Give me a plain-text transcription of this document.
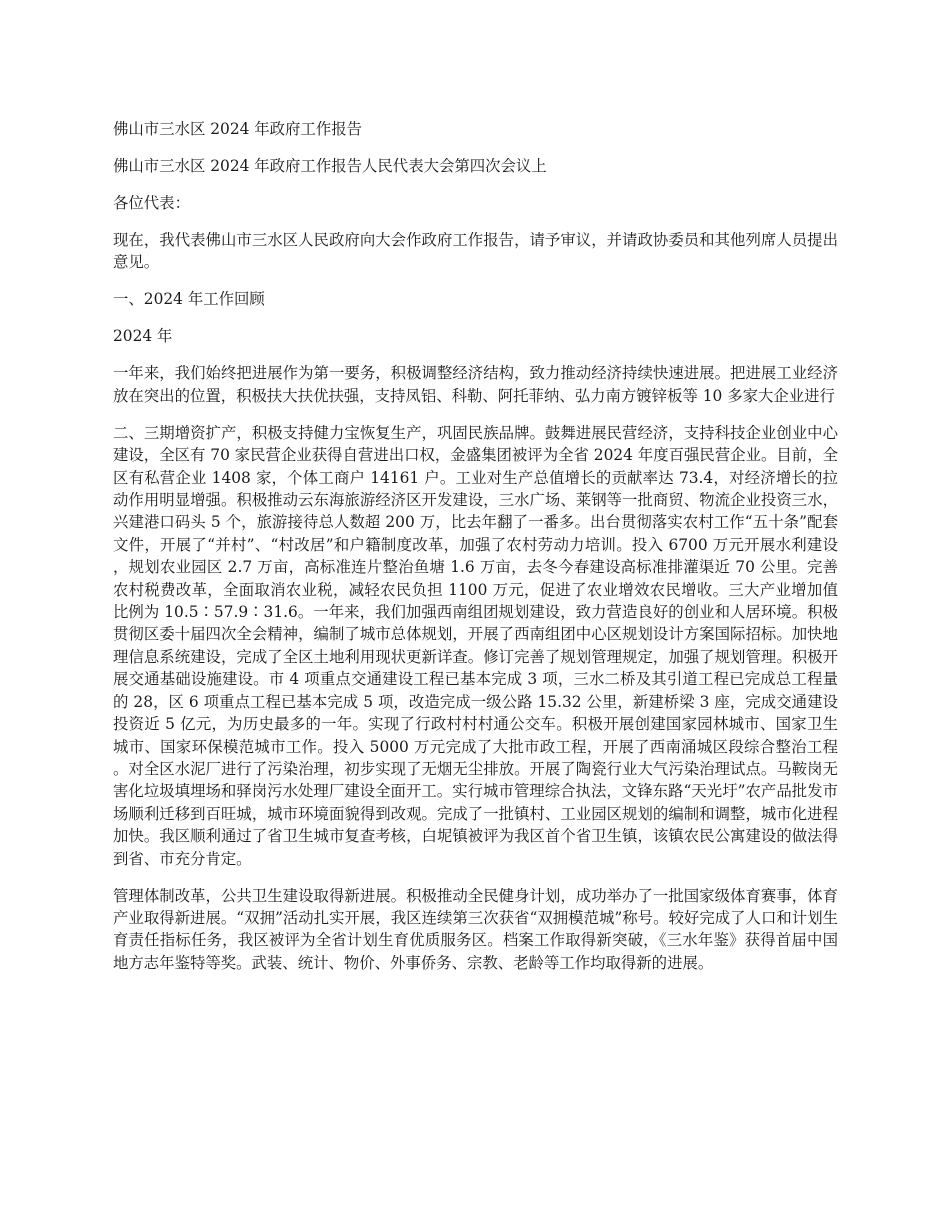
佛山市三水区 2024 年政府工作报告

佛山市三水区 2024 年政府工作报告人民代表大会第四次会议上

各位代表：

现在，我代表佛山市三水区人民政府向大会作政府工作报告，请予审议，并请政协委员和其他列席人员提出意见。

一、2024 年工作回顾

2024 年

一年来，我们始终把进展作为第一要务，积极调整经济结构，致力推动经济持续快速进展。把进展工业经济放在突出的位置，积极扶大扶优扶强，支持凤铝、科勒、阿托菲纳、弘力南方镀锌板等 10 多家大企业进行

二、三期增资扩产，积极支持健力宝恢复生产，巩固民族品牌。鼓舞进展民营经济，支持科技企业创业中心建设，全区有 70 家民营企业获得自营进出口权，金盛集团被评为全省 2024 年度百强民营企业。目前，全区有私营企业 1408 家，个体工商户 14161 户。工业对生产总值增长的贡献率达 73.4，对经济增长的拉动作用明显增强。积极推动云东海旅游经济区开发建设，三水广场、莱钢等一批商贸、物流企业投资三水，兴建港口码头 5 个，旅游接待总人数超 200 万，比去年翻了一番多。出台贯彻落实农村工作“五十条”配套文件，开展了“并村”、“村改居”和户籍制度改革，加强了农村劳动力培训。投入 6700 万元开展水利建设，规划农业园区 2.7 万亩，高标准连片整治鱼塘 1.6 万亩，去冬今春建设高标准排灌渠近 70 公里。完善农村税费改革，全面取消农业税，减轻农民负担 1100 万元，促进了农业增效农民增收。三大产业增加值比例为 10.5∶57.9∶31.6。一年来，我们加强西南组团规划建设，致力营造良好的创业和人居环境。积极贯彻区委十届四次全会精神，编制了城市总体规划，开展了西南组团中心区规划设计方案国际招标。加快地理信息系统建设，完成了全区土地利用现状更新详查。修订完善了规划管理规定，加强了规划管理。积极开展交通基础设施建设。市 4 项重点交通建设工程已基本完成 3 项，三水二桥及其引道工程已完成总工程量的 28，区 6 项重点工程已基本完成 5 项，改造完成一级公路 15.32 公里，新建桥梁 3 座，完成交通建设投资近 5 亿元，为历史最多的一年。实现了行政村村村通公交车。积极开展创建国家园林城市、国家卫生城市、国家环保模范城市工作。投入 5000 万元完成了大批市政工程，开展了西南涌城区段综合整治工程。对全区水泥厂进行了污染治理，初步实现了无烟无尘排放。开展了陶瓷行业大气污染治理试点。马鞍岗无害化垃圾填埋场和驿岗污水处理厂建设全面开工。实行城市管理综合执法，文锋东路“天光圩”农产品批发市场顺利迁移到百旺城，城市环境面貌得到改观。完成了一批镇村、工业园区规划的编制和调整，城市化进程加快。我区顺利通过了省卫生城市复查考核，白坭镇被评为我区首个省卫生镇，该镇农民公寓建设的做法得到省、市充分肯定。

管理体制改革，公共卫生建设取得新进展。积极推动全民健身计划，成功举办了一批国家级体育赛事，体育产业取得新进展。“双拥”活动扎实开展，我区连续第三次获省“双拥模范城”称号。较好完成了人口和计划生育责任指标任务，我区被评为全省计划生育优质服务区。档案工作取得新突破，《三水年鉴》获得首届中国地方志年鉴特等奖。武装、统计、物价、外事侨务、宗教、老龄等工作均取得新的进展。
